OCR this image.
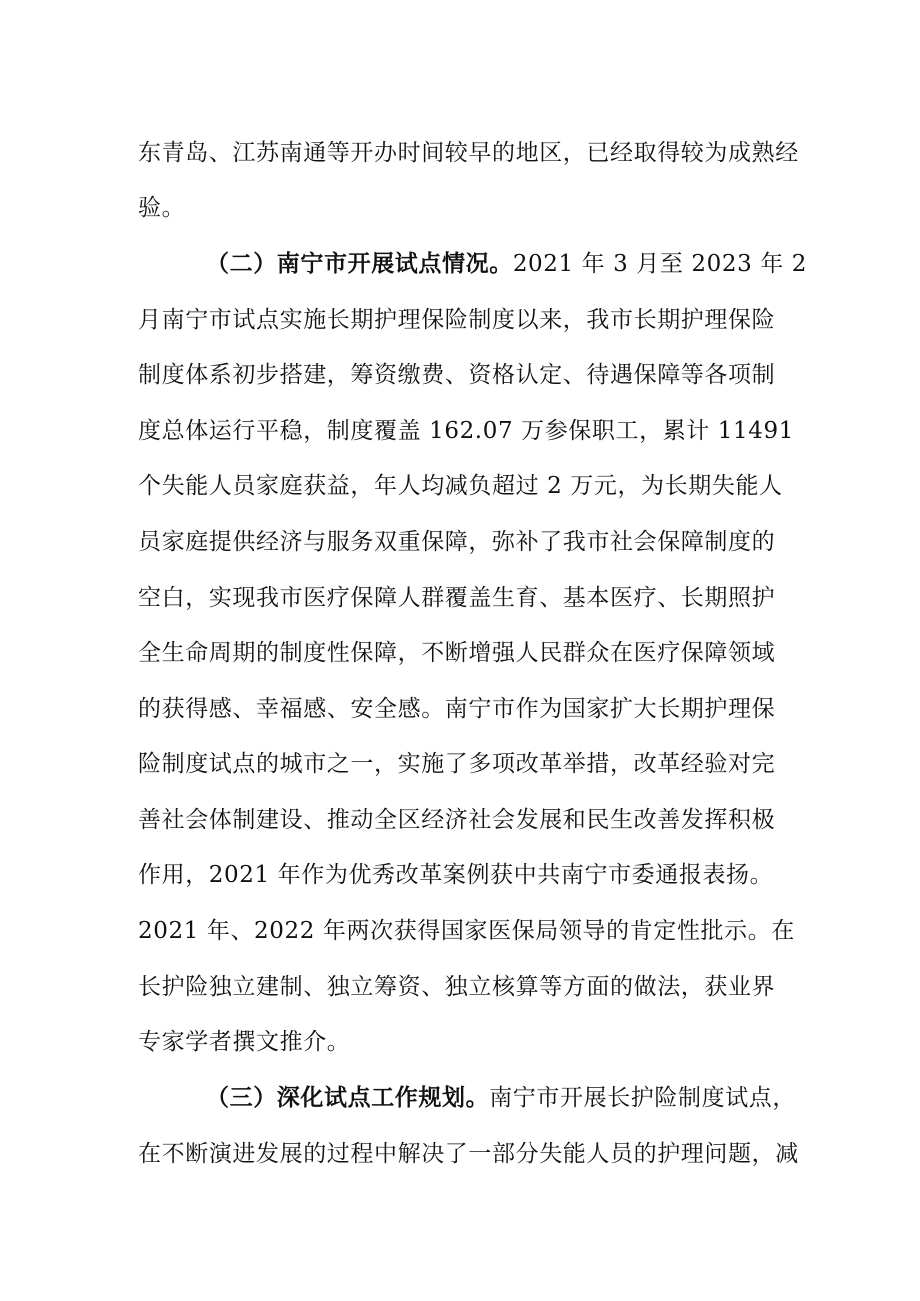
东青岛、江苏南通等开办时间较早的地区，已经取得较为成熟经
验。
（二）南宁市开展试点情况。2021 年 3 月至 2023 年 2
月南宁市试点实施长期护理保险制度以来，我市长期护理保险
制度体系初步搭建，筹资缴费、资格认定、待遇保障等各项制
度总体运行平稳，制度覆盖 162.07 万参保职工，累计 11491
个失能人员家庭获益，年人均减负超过 2 万元，为长期失能人
员家庭提供经济与服务双重保障，弥补了我市社会保障制度的
空白，实现我市医疗保障人群覆盖生育、基本医疗、长期照护
全生命周期的制度性保障，不断增强人民群众在医疗保障领域
的获得感、幸福感、安全感。南宁市作为国家扩大长期护理保
险制度试点的城市之一，实施了多项改革举措，改革经验对完
善社会体制建设、推动全区经济社会发展和民生改善发挥积极
作用，2021 年作为优秀改革案例获中共南宁市委通报表扬。
2021 年、2022 年两次获得国家医保局领导的肯定性批示。在
长护险独立建制、独立筹资、独立核算等方面的做法，获业界
专家学者撰文推介。
（三）深化试点工作规划。南宁市开展长护险制度试点，
在不断演进发展的过程中解决了一部分失能人员的护理问题，减
